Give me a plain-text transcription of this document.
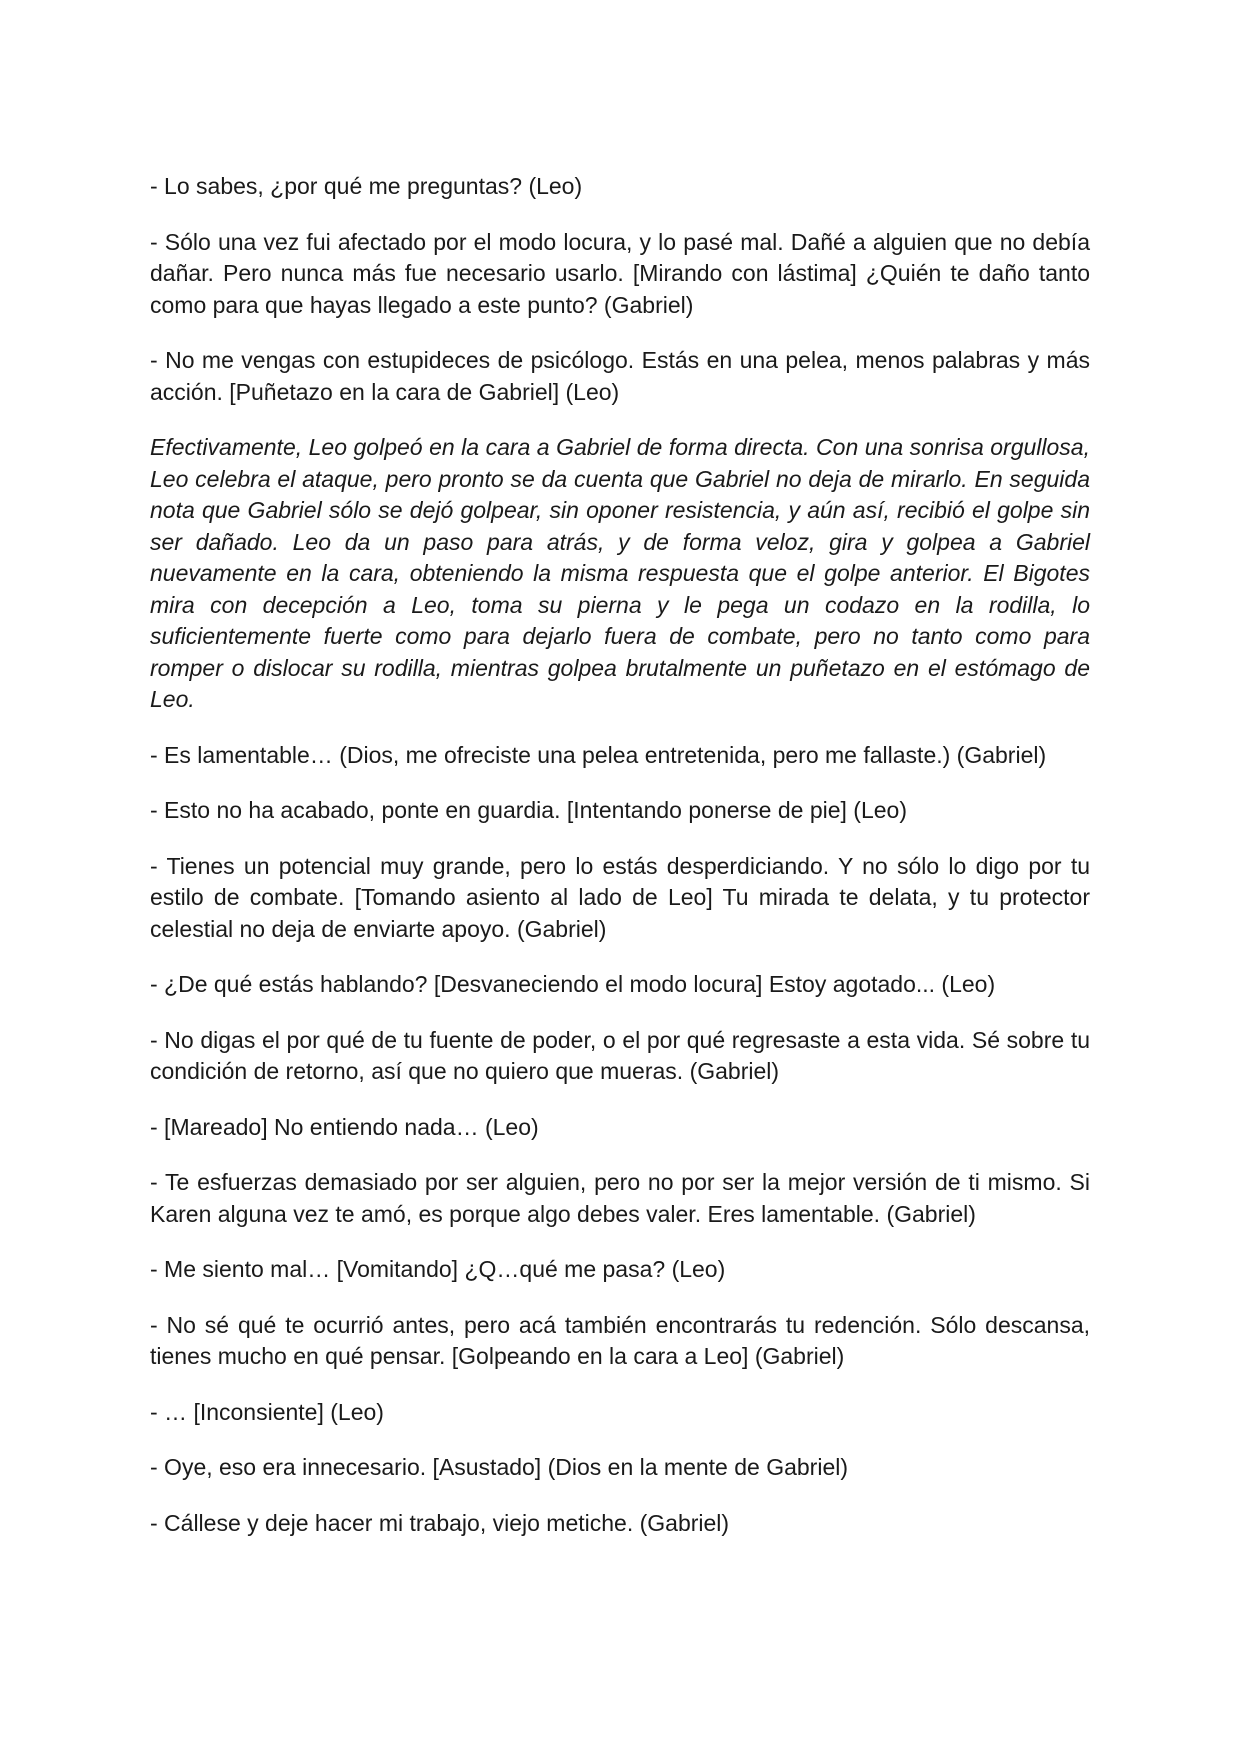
- Lo sabes, ¿por qué me preguntas? (Leo)

- Sólo una vez fui afectado por el modo locura, y lo pasé mal. Dañé a alguien que no debía dañar. Pero nunca más fue necesario usarlo. [Mirando con lástima] ¿Quién te daño tanto como para que hayas llegado a este punto? (Gabriel)

- No me vengas con estupideces de psicólogo. Estás en una pelea, menos palabras y más acción. [Puñetazo en la cara de Gabriel] (Leo)

Efectivamente, Leo golpeó en la cara a Gabriel de forma directa. Con una sonrisa orgullosa, Leo celebra el ataque, pero pronto se da cuenta que Gabriel no deja de mirarlo. En seguida nota que Gabriel sólo se dejó golpear, sin oponer resistencia, y aún así, recibió el golpe sin ser dañado. Leo da un paso para atrás, y de forma veloz, gira y golpea a Gabriel nuevamente en la cara, obteniendo la misma respuesta que el golpe anterior. El Bigotes mira con decepción a Leo, toma su pierna y le pega un codazo en la rodilla, lo suficientemente fuerte como para dejarlo fuera de combate, pero no tanto como para romper o dislocar su rodilla, mientras golpea brutalmente un puñetazo en el estómago de Leo.

- Es lamentable… (Dios, me ofreciste una pelea entretenida, pero me fallaste.) (Gabriel)

- Esto no ha acabado, ponte en guardia. [Intentando ponerse de pie] (Leo)

- Tienes un potencial muy grande, pero lo estás desperdiciando. Y no sólo lo digo por tu estilo de combate. [Tomando asiento al lado de Leo] Tu mirada te delata, y tu protector celestial no deja de enviarte apoyo. (Gabriel)

- ¿De qué estás hablando? [Desvaneciendo el modo locura] Estoy agotado... (Leo)

- No digas el por qué de tu fuente de poder, o el por qué regresaste a esta vida. Sé sobre tu condición de retorno, así que no quiero que mueras. (Gabriel)

- [Mareado] No entiendo nada… (Leo)

- Te esfuerzas demasiado por ser alguien, pero no por ser la mejor versión de ti mismo. Si Karen alguna vez te amó, es porque algo debes valer. Eres lamentable. (Gabriel)

- Me siento mal… [Vomitando] ¿Q…qué me pasa? (Leo)

- No sé qué te ocurrió antes, pero acá también encontrarás tu redención. Sólo descansa, tienes mucho en qué pensar. [Golpeando en la cara a Leo] (Gabriel)

- … [Inconsiente] (Leo)

- Oye, eso era innecesario. [Asustado] (Dios en la mente de Gabriel)

- Cállese y deje hacer mi trabajo, viejo metiche. (Gabriel)
